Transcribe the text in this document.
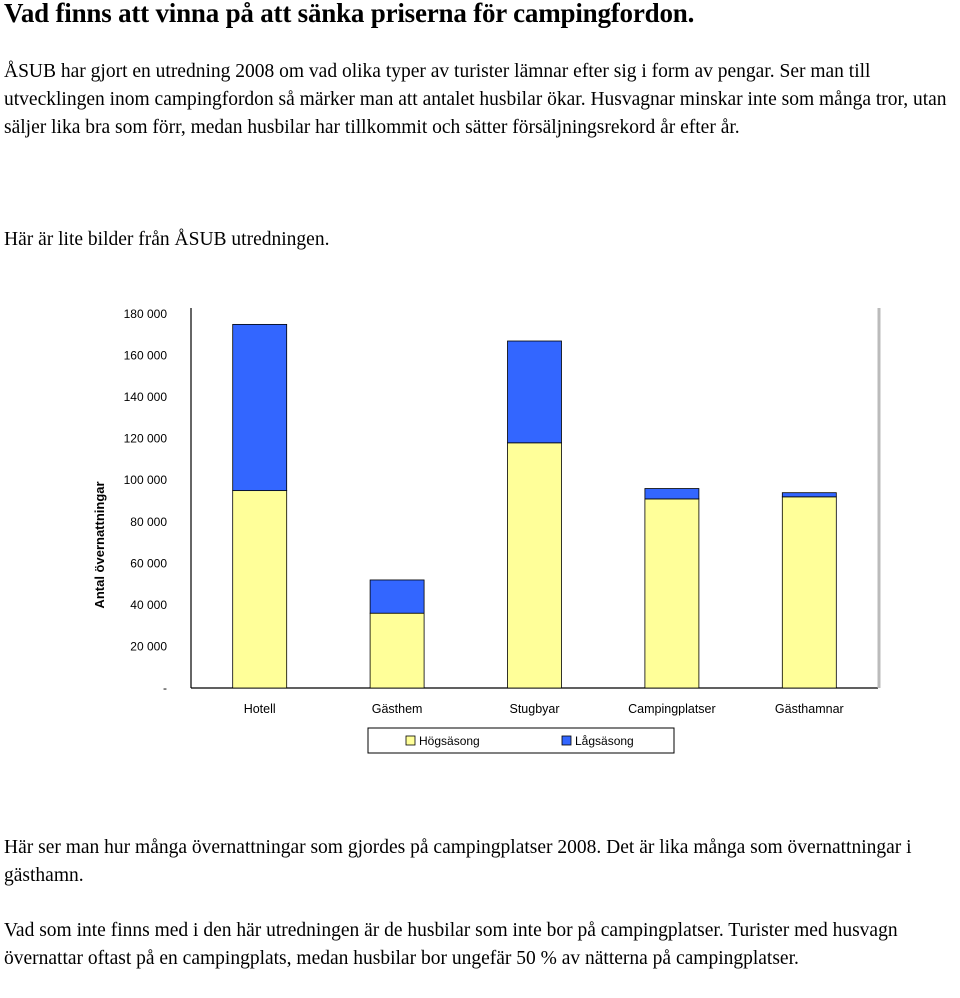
Vad finns att vinna på att sänka priserna för campingfordon.

ÅSUB har gjort en utredning 2008 om vad olika typer av turister lämnar efter sig i form av pengar. Ser man till utvecklingen inom campingfordon så märker man att antalet husbilar ökar. Husvagnar minskar inte som många tror, utan säljer lika bra som förr, medan husbilar har tillkommit och sätter försäljningsrekord år efter år.

Här är lite bilder från ÅSUB utredningen.

-
20 000
40 000
60 000
80 000
100 000
120 000
140 000
160 000
180 000
Hotell	Gästhem	Stugbyar	Campingplatser	Gästhamnar
Antal övernattningar
Högsäsong	Lågsäsong

Här ser man hur många övernattningar som gjordes på campingplatser 2008. Det är lika många som övernattningar i gästhamn.

Vad som inte finns med i den här utredningen är de husbilar som inte bor på campingplatser. Turister med husvagn övernattar oftast på en campingplats, medan husbilar bor ungefär 50 % av nätterna på campingplatser.
